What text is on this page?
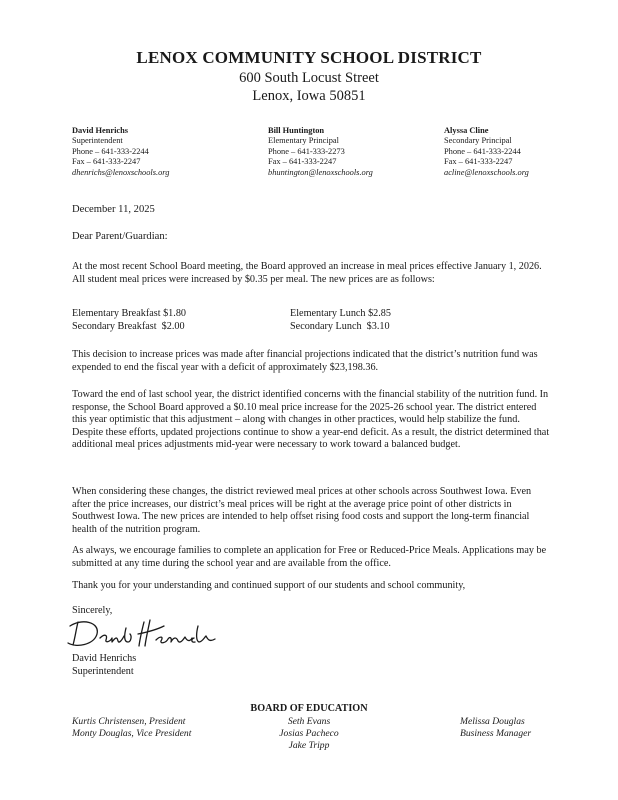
LENOX COMMUNITY SCHOOL DISTRICT
600 South Locust Street
Lenox, Iowa 50851
David Henrichs
Superintendent
Phone – 641-333-2244
Fax – 641-333-2247
dhenrichs@lenoxschools.org
Bill Huntington
Elementary Principal
Phone – 641-333-2273
Fax – 641-333-2247
bhuntington@lenoxschools.org
Alyssa Cline
Secondary Principal
Phone – 641-333-2244
Fax – 641-333-2247
acline@lenoxschools.org
December 11, 2025
Dear Parent/Guardian:
At the most recent School Board meeting, the Board approved an increase in meal prices effective January 1, 2026. All student meal prices were increased by $0.35 per meal. The new prices are as follows:
Elementary Breakfast $1.80
Secondary Breakfast  $2.00
Elementary Lunch $2.85
Secondary Lunch  $3.10
This decision to increase prices was made after financial projections indicated that the district’s nutrition fund was expended to end the fiscal year with a deficit of approximately $23,198.36.
Toward the end of last school year, the district identified concerns with the financial stability of the nutrition fund. In response, the School Board approved a $0.10 meal price increase for the 2025-26 school year. The district entered this year optimistic that this adjustment – along with changes in other practices, would help stabilize the fund. Despite these efforts, updated projections continue to show a year-end deficit. As a result, the district determined that additional meal prices adjustments mid-year were necessary to work toward a balanced budget.
When considering these changes, the district reviewed meal prices at other schools across Southwest Iowa. Even after the price increases, our district’s meal prices will be right at the average price point of other districts in Southwest Iowa. The new prices are intended to help offset rising food costs and support the long-term financial health of the nutrition program.
As always, we encourage families to complete an application for Free or Reduced-Price Meals. Applications may be submitted at any time during the school year and are available from the office.
Thank you for your understanding and continued support of our students and school community,
Sincerely,
David Henrichs
Superintendent
BOARD OF EDUCATION
Kurtis Christensen, President
Monty Douglas, Vice President
Seth Evans
Josias Pacheco
Jake Tripp
Melissa Douglas
Business Manager
